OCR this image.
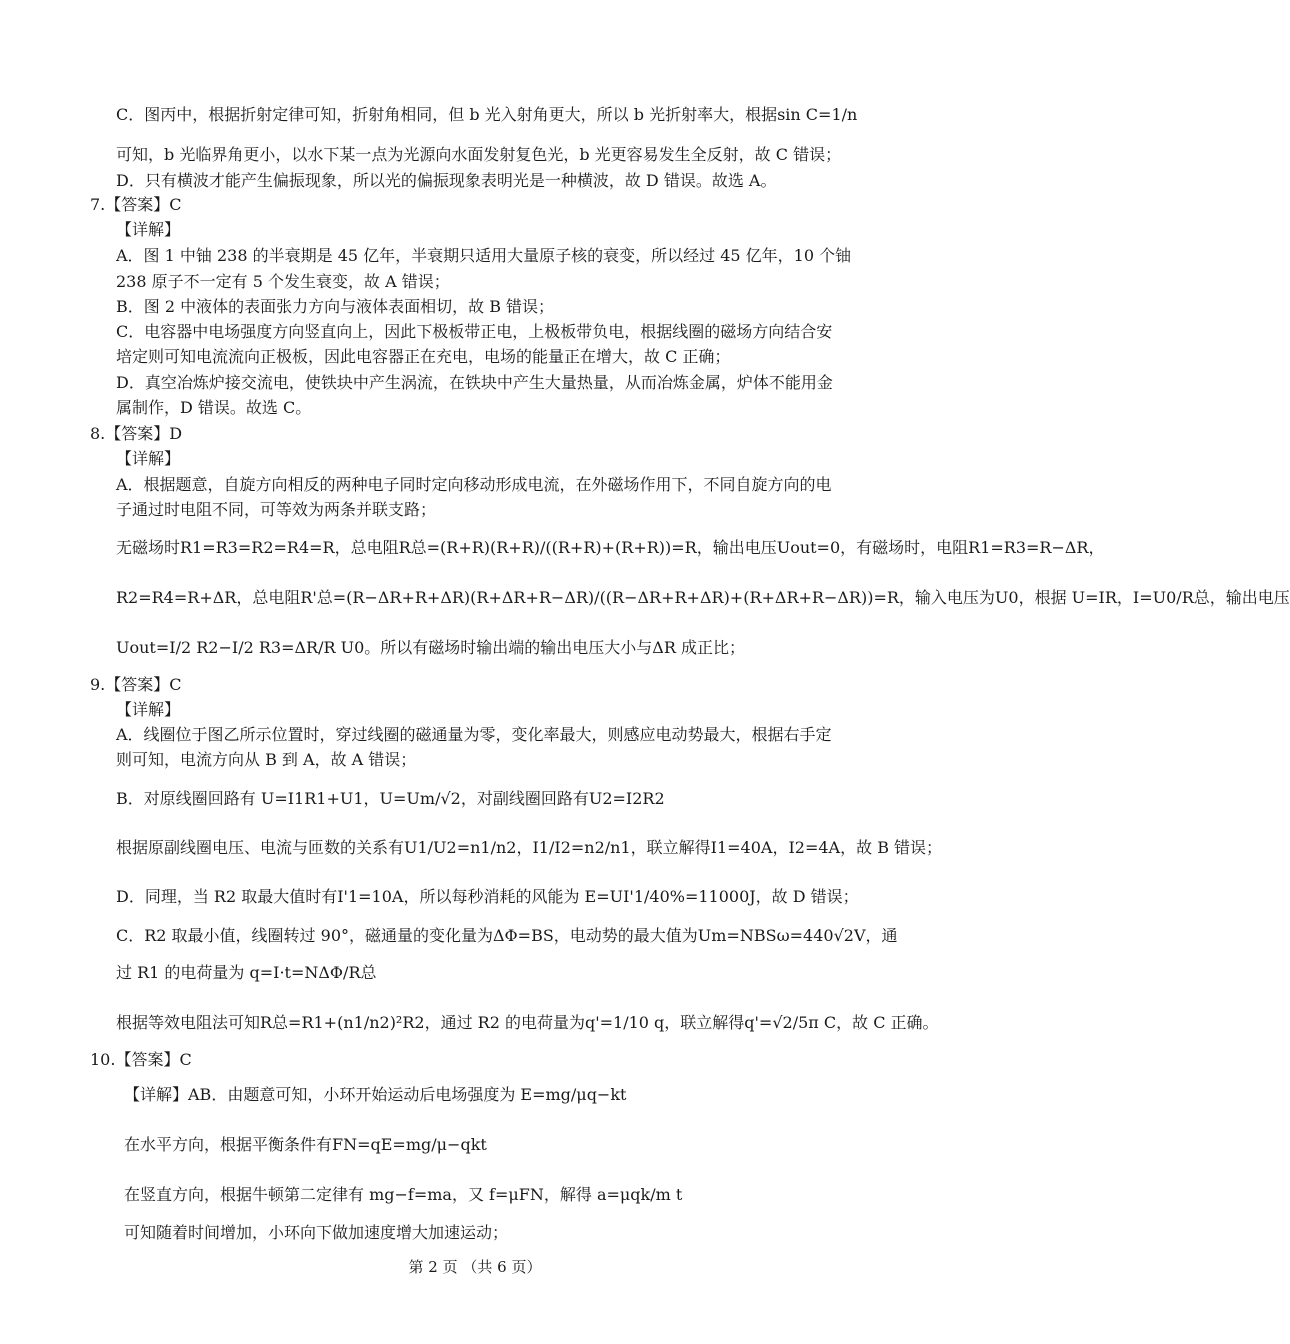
C．图丙中，根据折射定律可知，折射角相同，但 b 光入射角更大，所以 b 光折射率大，根据sin C=1/n
可知，b 光临界角更小，以水下某一点为光源向水面发射复色光，b 光更容易发生全反射，故 C 错误；
D．只有横波才能产生偏振现象，所以光的偏振现象表明光是一种横波，故 D 错误。故选 A。
7.【答案】C
【详解】
A．图 1 中铀 238 的半衰期是 45 亿年，半衰期只适用大量原子核的衰变，所以经过 45 亿年，10 个铀
238 原子不一定有 5 个发生衰变，故 A 错误；
B．图 2 中液体的表面张力方向与液体表面相切，故 B 错误；
C．电容器中电场强度方向竖直向上，因此下极板带正电，上极板带负电，根据线圈的磁场方向结合安
培定则可知电流流向正极板，因此电容器正在充电，电场的能量正在增大，故 C 正确；
D．真空冶炼炉接交流电，使铁块中产生涡流，在铁块中产生大量热量，从而冶炼金属，炉体不能用金
属制作，D 错误。故选 C。
8.【答案】D
【详解】
A．根据题意，自旋方向相反的两种电子同时定向移动形成电流，在外磁场作用下，不同自旋方向的电
子通过时电阻不同，可等效为两条并联支路；
无磁场时R1=R3=R2=R4=R，总电阻R总=(R+R)(R+R)/((R+R)+(R+R))=R，输出电压Uout=0，有磁场时，电阻R1=R3=R−ΔR，
R2=R4=R+ΔR，总电阻R'总=(R−ΔR+R+ΔR)(R+ΔR+R−ΔR)/((R−ΔR+R+ΔR)+(R+ΔR+R−ΔR))=R，输入电压为U0，根据 U=IR，I=U0/R总，输出电压
Uout=I/2 R2−I/2 R3=ΔR/R U0。所以有磁场时输出端的输出电压大小与ΔR 成正比；
9.【答案】C
【详解】
A．线圈位于图乙所示位置时，穿过线圈的磁通量为零，变化率最大，则感应电动势最大，根据右手定
则可知，电流方向从 B 到 A，故 A 错误；
B．对原线圈回路有 U=I1R1+U1，U=Um/√2，对副线圈回路有U2=I2R2
根据原副线圈电压、电流与匝数的关系有U1/U2=n1/n2，I1/I2=n2/n1，联立解得I1=40A，I2=4A，故 B 错误；
D．同理，当 R2 取最大值时有I'1=10A，所以每秒消耗的风能为 E=UI'1/40%=11000J，故 D 错误；
C．R2 取最小值，线圈转过 90°，磁通量的变化量为ΔΦ=BS，电动势的最大值为Um=NBSω=440√2V，通
过 R1 的电荷量为 q=I·t=NΔΦ/R总
根据等效电阻法可知R总=R1+(n1/n2)²R2，通过 R2 的电荷量为q'=1/10 q，联立解得q'=√2/5π C，故 C 正确。
10.【答案】C
【详解】AB．由题意可知，小环开始运动后电场强度为 E=mg/μq−kt
在水平方向，根据平衡条件有FN=qE=mg/μ−qkt
在竖直方向，根据牛顿第二定律有 mg−f=ma，又 f=μFN，解得 a=μqk/m t
可知随着时间增加，小环向下做加速度增大加速运动；
第 2 页 （共 6 页）
